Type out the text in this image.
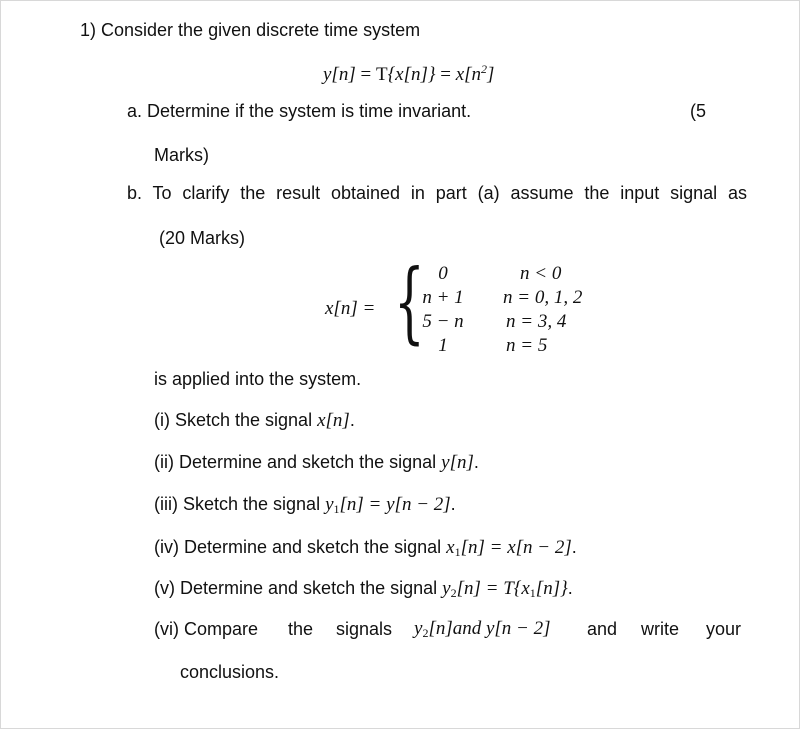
1) Consider the given discrete time system
$y[n] = T\{x[n]\} = x[n^2]$
a. Determine if the system is time invariant.	(5
Marks)
b. To clarify the result obtained in part (a) assume the input signal as
(20 Marks)
x[n] = { 0	n < 0
n + 1	n = 0, 1, 2
5 − n	n = 3, 4
1	n = 5
is applied into the system.
(i) Sketch the signal x[n].
(ii) Determine and sketch the signal y[n].
(iii) Sketch the signal $y_1[n] = y[n - 2]$.
(iv) Determine and sketch the signal $x_1[n] = x[n - 2]$.
(v) Determine and sketch the signal $y_2[n] = T\{x_1[n]\}$.
(vi) Compare the signals $y_2[n]and$ y[n − 2] and write your
conclusions.
